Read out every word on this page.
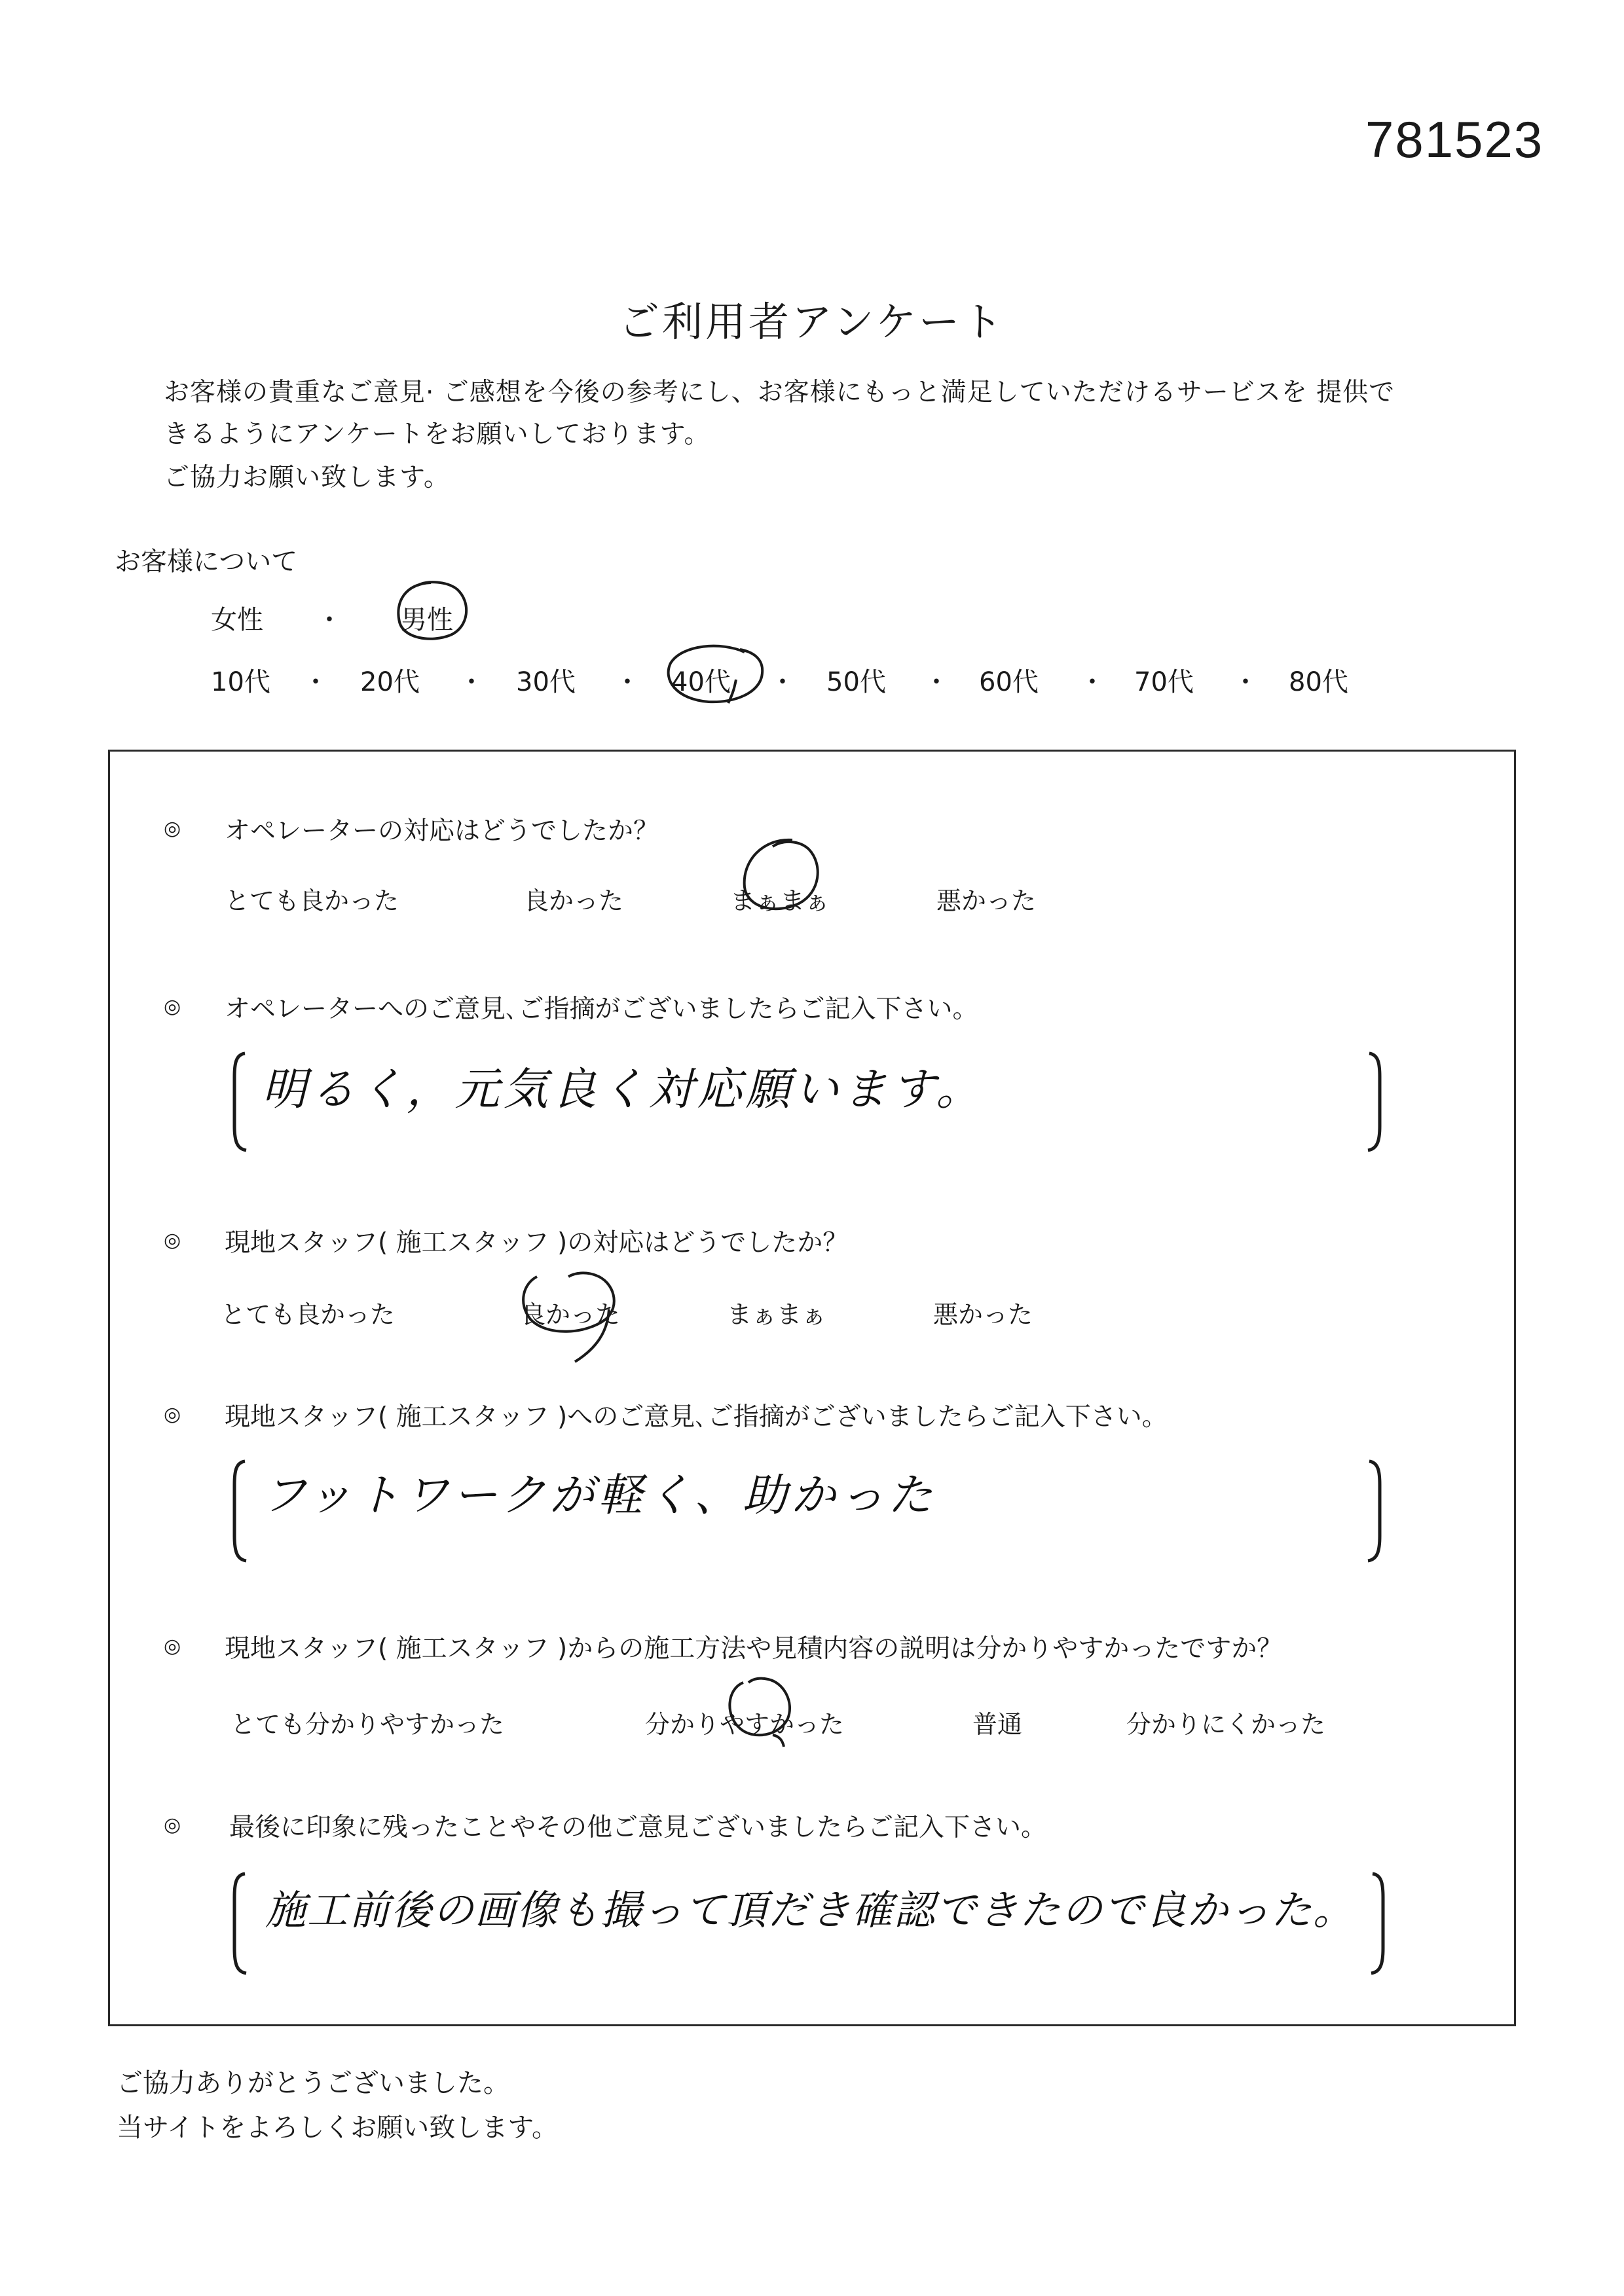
781523
ご利用者アンケート
お客様の貴重なご意見· ご感想を今後の参考にし、お客様にもっと満足していただけるサービスを 提供で
きるようにアンケートをお願いしております。
ご協力お願い致します。
お客様について
女性 ・ 男性
10代 ・ 20代 ・ 30代 ・ 40代 ・ 50代 ・ 60代 ・ 70代 ・ 80代
◎ オペレーターの対応はどうでしたか？
とても良かった	良かった	まぁまぁ	悪かった
◎ オペレーターへのご意見､ご指摘がございましたらご記入下さい。
明るく，元気良く対応願います。
◎ 現地スタッフ( 施工スタッフ )の対応はどうでしたか？
とても良かった	良かった	まぁまぁ	悪かった
◎ 現地スタッフ( 施工スタッフ )へのご意見､ご指摘がございましたらご記入下さい。
フットワークが軽く、助かった
◎ 現地スタッフ( 施工スタッフ )からの施工方法や見積内容の説明は分かりやすかったですか？
とても分かりやすかった	分かりやすかった	普通	分かりにくかった
◎ 最後に印象に残ったことやその他ご意見ございましたらご記入下さい。
施工前後の画像も撮って頂だき確認できたので良かった。
ご協力ありがとうございました。
当サイトをよろしくお願い致します。
